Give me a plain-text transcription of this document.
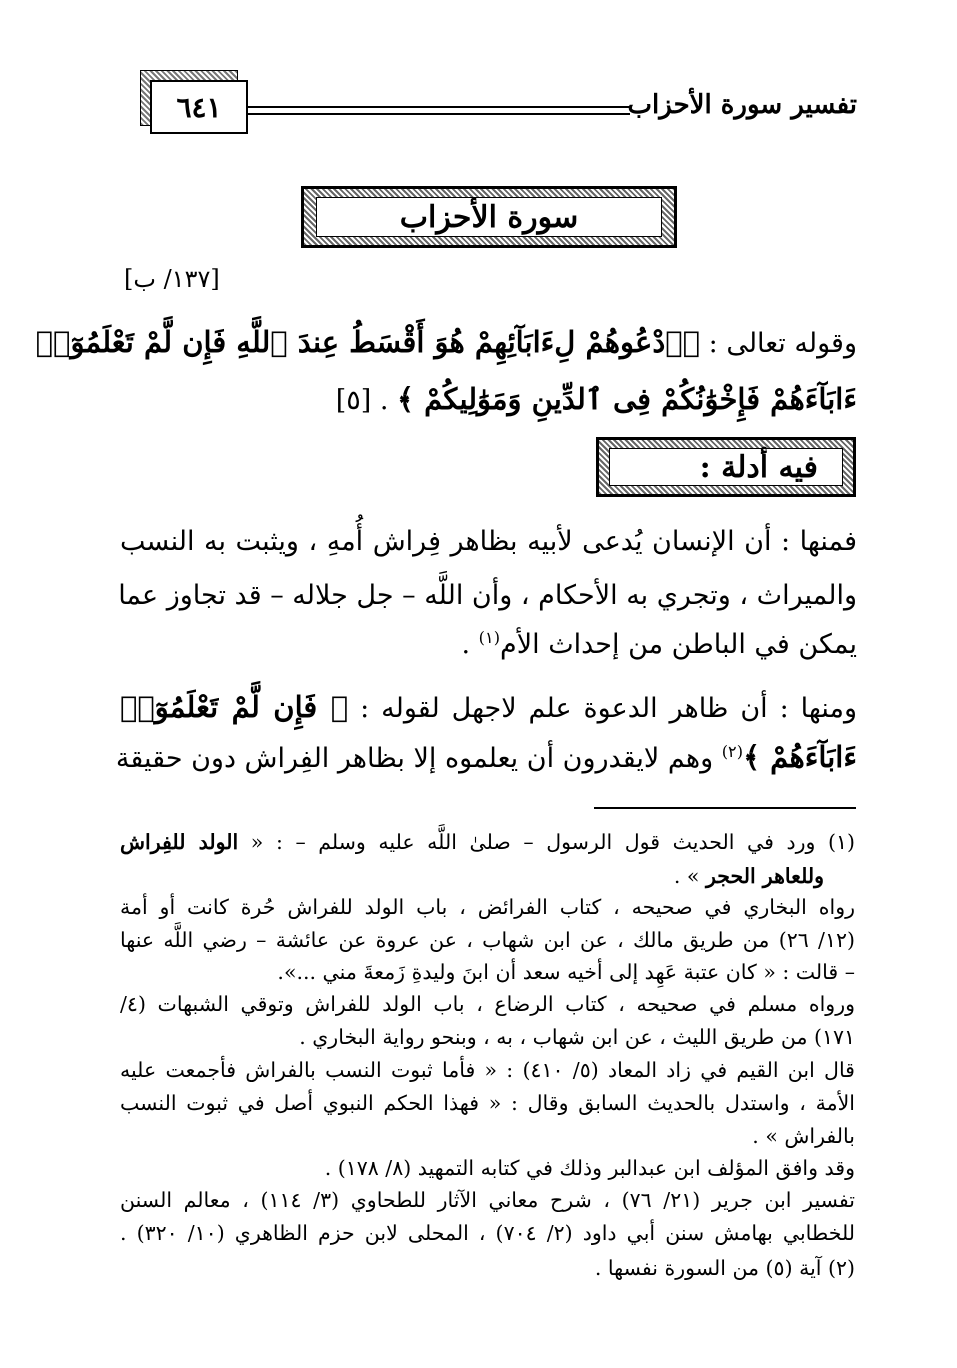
تفسير سورة الأحزاب
٦٤١
سورة الأحزاب
[١٣٧/ ب]
وقوله تعالى : ﴿ٱدْعُوهُمْ لِءَابَآئِهِمْ هُوَ أَقْسَطُ عِندَ ٱللَّهِ فَإِن لَّمْ تَعْلَمُوٓا۟
ءَابَآءَهُمْ فَإِخْوَٰنُكُمْ فِى ٱلدِّينِ وَمَوَٰلِيكُمْ ﴾ . [٥]
فيه أدلة :
فمنها : أن الإنسان يُدعى لأبيه بظاهر فِراش أُمهِ ، ويثبت به النسب
والميراث ، وتجري به الأحكام ، وأن اللَّه – جل جلاله – قد تجاوز عما
يمكن في الباطن من إحداث الأم$^{(١)}$ .
ومنها : أن ظاهر الدعوة علم لاجهل لقوله : ﴿ فَإِن لَّمْ تَعْلَمُوٓا۟
ءَابَآءَهُمْ ﴾$^{(٢)}$ وهم لايقدرون أن يعلموه إلا بظاهر الفِراش دون حقيقة
(١) ورد في الحديث قول الرسول – صلىٰ اللَّه عليه وسلم – : « الولد للفِراش
وللعاهر الحجر » .
رواه البخاري في صحيحه ، كتاب الفرائض ، باب الولد للفراش حُرة كانت أو أمة
(١٢/ ٢٦) من طريق مالك ، عن ابن شهاب ، عن عروة عن عائشة – رضي اللَّه عنها
– قالت : « كان عتبة عَهِد إلى أخيه سعد أن ابنَ وليدةِ زَمعةَ مني ...».
ورواه مسلم في صحيحه ، كتاب الرضاع ، باب الولد للفراش وتوقي الشبهات (٤/
١٧١) من طريق الليث ، عن ابن شهاب ، به ، وبنحو رواية البخاري .
قال ابن القيم في زاد المعاد (٥/ ٤١٠) : « فأما ثبوت النسب بالفراش فأجمعت عليه
الأمة ، واستدل بالحديث السابق وقال : « فهذا الحكم النبوي أصل في ثبوت النسب
بالفراش » .
وقد وافق المؤلف ابن عبدالبر وذلك في كتابه التمهيد (٨/ ١٧٨) .
تفسير ابن جرير (٢١/ ٧٦) ، شرح معاني الآثار للطحاوي (٣/ ١١٤) ، معالم السنن
للخطابي بهامش سنن أبي داود (٢/ ٧٠٤) ، المحلى لابن حزم الظاهري (١٠/ ٣٢٠) .
(٢) آية (٥) من السورة نفسها .
